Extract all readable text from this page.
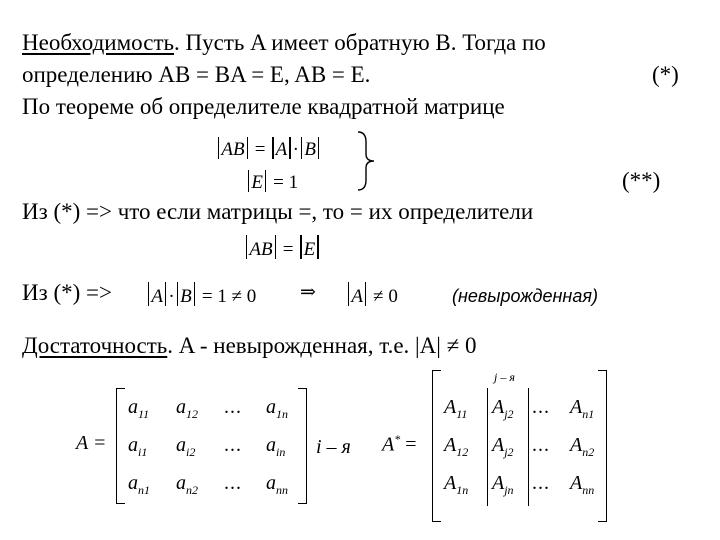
Необходимость. Пусть A имеет обратную B. Тогда по
определению AB = BA = E, AB = E.	(*)
По теореме об определителе квадратной матрице
AB = A · B
E = 1	(**)
Из (*) => что если матрицы =, то = их определители
AB = E
Из (*) => A · B = 1 ≠ 0 ⇒ A ≠ 0	(невырожденная)
Достаточность. A - невырожденная, т.е. |A| ≠ 0
A =
$a_{11}$ $a_{12}$ ... $a_{1n}$
$a_{i1}$ $a_{i2}$ ... $a_{in}$
$a_{n1}$ $a_{n2}$ ... $a_{nn}$
i – я A* =
j – я
$A_{11}$ $A_{j2}$ ... $A_{n1}$
$A_{12}$ $A_{j2}$ ... $A_{n2}$
$A_{1n}$ $A_{jn}$ ... $A_{nn}$
